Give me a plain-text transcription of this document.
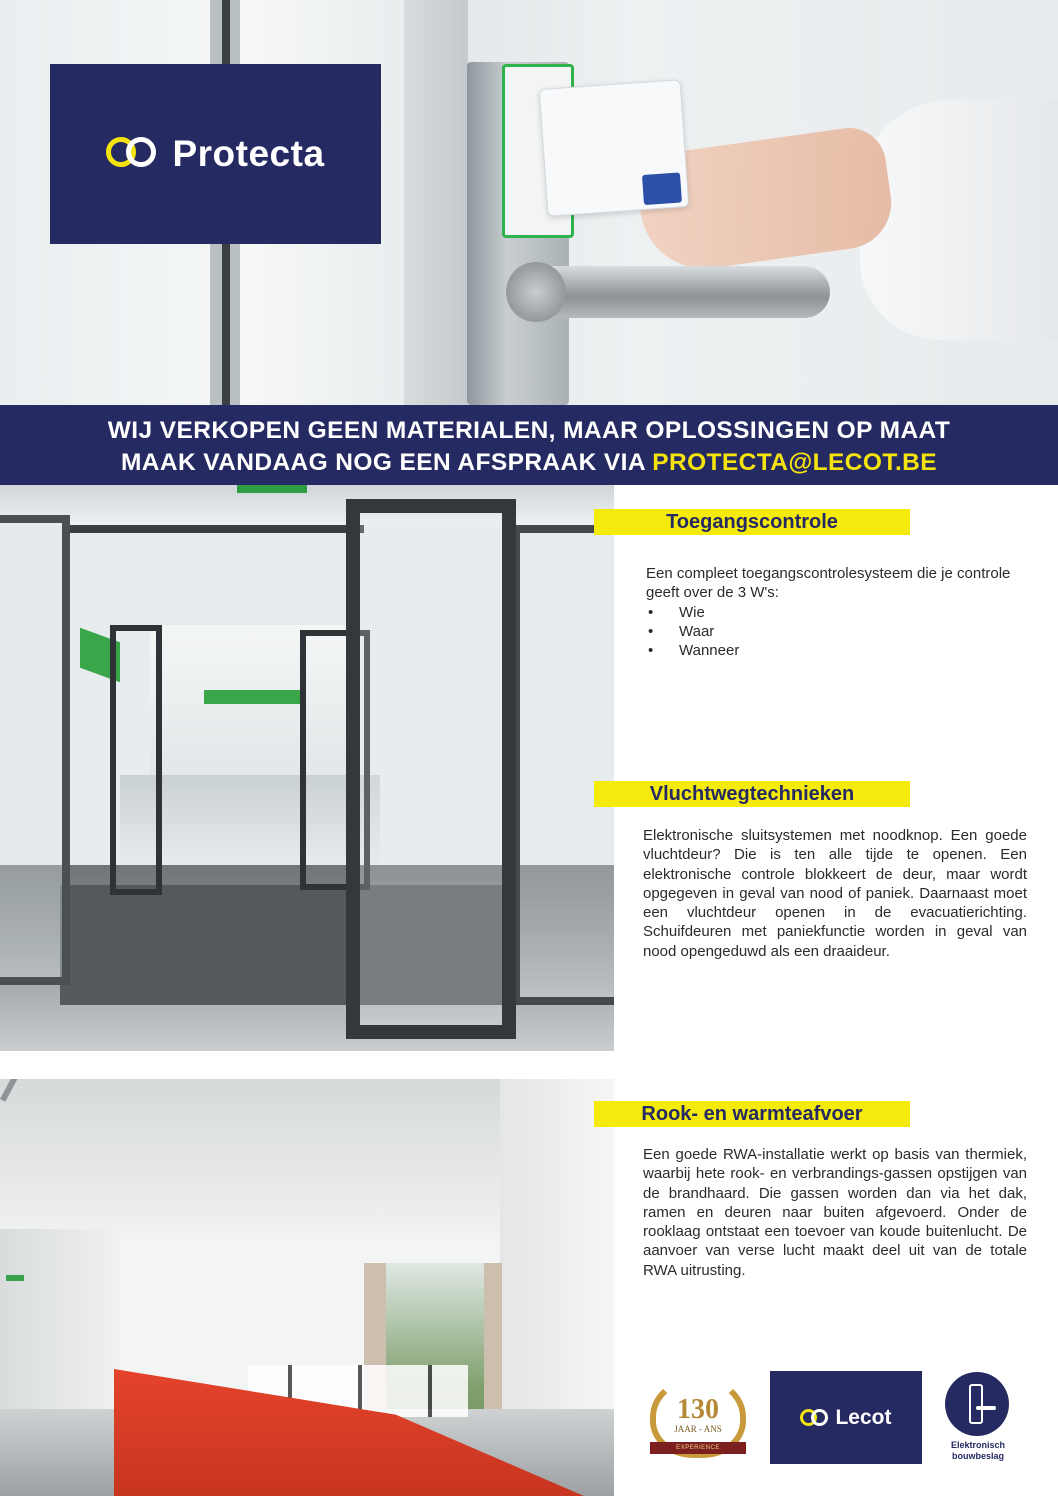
Protecta
WIJ VERKOPEN GEEN MATERIALEN, MAAR OPLOSSINGEN OP MAAT
MAAK VANDAAG NOG EEN AFSPRAAK VIA PROTECTA@LECOT.BE
Toegangscontrole
Een compleet toegangscontrolesysteem die je controle geeft over de 3 W's:
• Wie
• Waar
• Wanneer
Vluchtwegtechnieken
Elektronische sluitsystemen met noodknop. Een goede vluchtdeur? Die is ten alle tijde te openen. Een elektronische controle blokkeert de deur, maar wordt opgegeven in geval van nood of paniek. Daarnaast moet een vluchtdeur openen in de evacuatierichting. Schuifdeuren met paniekfunctie worden in geval van nood opengeduwd als een draaideur.
Rook- en warmteafvoer
Een goede RWA-installatie werkt op basis van thermiek, waarbij hete rook- en verbrandings-gassen opstijgen van de brandhaard. Die gassen worden dan via het dak, ramen en deuren naar buiten afgevoerd. Onder de rooklaag ontstaat een toevoer van koude buitenlucht. De aanvoer van verse lucht maakt deel uit van de totale RWA uitrusting.
130
JAAR - ANS
EXPERIENCE
Lecot
Elektronisch
bouwbeslag
